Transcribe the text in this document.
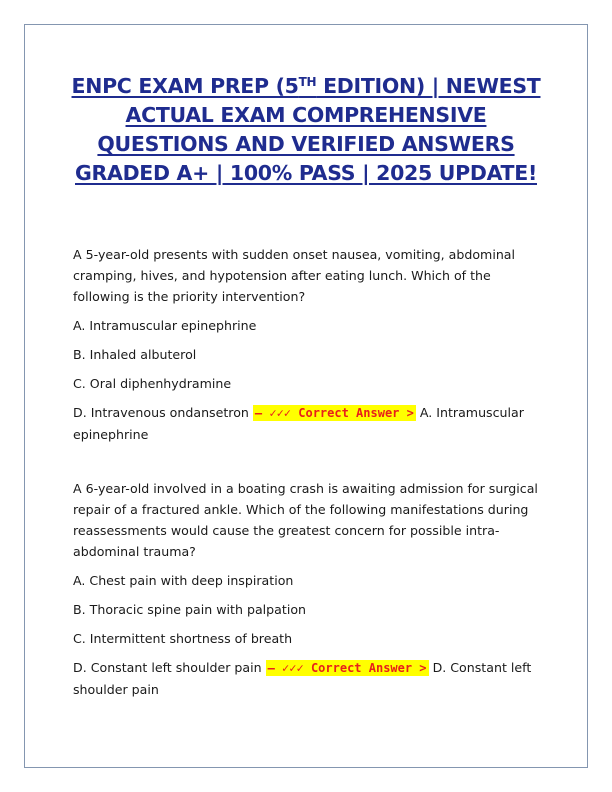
ENPC EXAM PREP (5TH EDITION) | NEWEST
ACTUAL EXAM COMPREHENSIVE
QUESTIONS AND VERIFIED ANSWERS
GRADED A+ | 100% PASS | 2025 UPDATE!

A 5-year-old presents with sudden onset nausea, vomiting, abdominal cramping, hives, and hypotension after eating lunch. Which of the following is the priority intervention?

A. Intramuscular epinephrine

B. Inhaled albuterol

C. Oral diphenhydramine

D. Intravenous ondansetron – ✓✓✓ Correct Answer > A. Intramuscular epinephrine

A 6-year-old involved in a boating crash is awaiting admission for surgical repair of a fractured ankle. Which of the following manifestations during reassessments would cause the greatest concern for possible intra-abdominal trauma?

A. Chest pain with deep inspiration

B. Thoracic spine pain with palpation

C. Intermittent shortness of breath

D. Constant left shoulder pain – ✓✓✓ Correct Answer > D. Constant left shoulder pain
